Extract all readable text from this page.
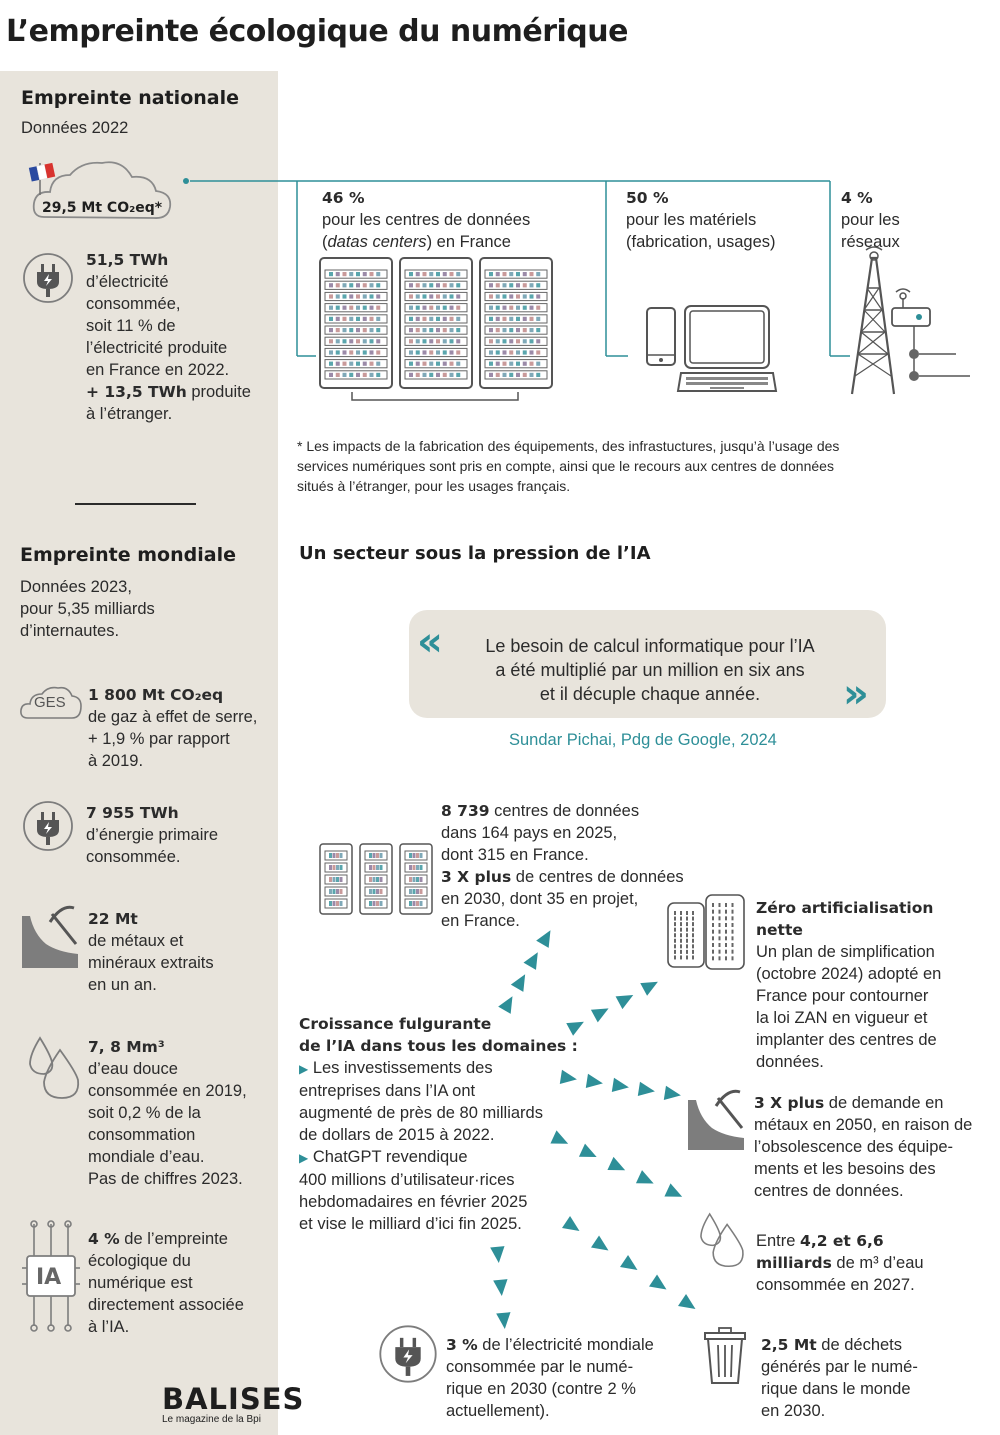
L’empreinte écologique du numérique
Empreinte nationale
Données 2022
29,5 Mt CO₂eq*
51,5 TWh
d’électricité
consommée,
soit 11 % de
l’électricité produite
en France en 2022.
+ 13,5 TWh produite
à l’étranger.
46 %
pour les centres de données
(datas centers) en France
50 %
pour les matériels
(fabrication, usages)
4 %
pour les
réseaux
* Les impacts de la fabrication des équipements, des infrastuctures, jusqu’à l’usage des
services numériques sont pris en compte, ainsi que le recours aux centres de données
situés à l’étranger, pour les usages français.
Empreinte mondiale
Données 2023,
pour 5,35 milliards
d’internautes.
GES 1 800 Mt CO₂eq
de gaz à effet de serre,
+ 1,9 % par rapport
à 2019.
7 955 TWh
d’énergie primaire
consommée.
22 Mt
de métaux et
minéraux extraits
en un an.
7, 8 Mm³
d’eau douce
consommée en 2019,
soit 0,2 % de la
consommation
mondiale d’eau.
Pas de chiffres 2023.
IA
4 % de l’empreinte
écologique du
numérique est
directement associée
à l’IA.
BALISES
Le magazine de la Bpi
Un secteur sous la pression de l’IA
«
»
Le besoin de calcul informatique pour l’IA
a été multiplié par un million en six ans
et il décuple chaque année.
Sundar Pichai, Pdg de Google, 2024
8 739 centres de données
dans 164 pays en 2025,
dont 315 en France.
3 X plus de centres de données
en 2030, dont 35 en projet,
en France.
Zéro artificialisation
nette
Un plan de simplification
(octobre 2024) adopté en
France pour contourner
la loi ZAN en vigueur et
implanter des centres de
données.
Croissance fulgurante
de l’IA dans tous les domaines :
▶ Les investissements des
entreprises dans l’IA ont
augmenté de près de 80 milliards
de dollars de 2015 à 2022.
▶ ChatGPT revendique
400 millions d’utilisateur·rices
hebdomadaires en février 2025
et vise le milliard d’ici fin 2025.
3 X plus de demande en
métaux en 2050, en raison de
l’obsolescence des équipe-
ments et les besoins des
centres de données.
Entre 4,2 et 6,6
milliards de m³ d’eau
consommée en 2027.
3 % de l’électricité mondiale
consommée par le numé-
rique en 2030 (contre 2 %
actuellement).
2,5 Mt de déchets
générés par le numé-
rique dans le monde
en 2030.
